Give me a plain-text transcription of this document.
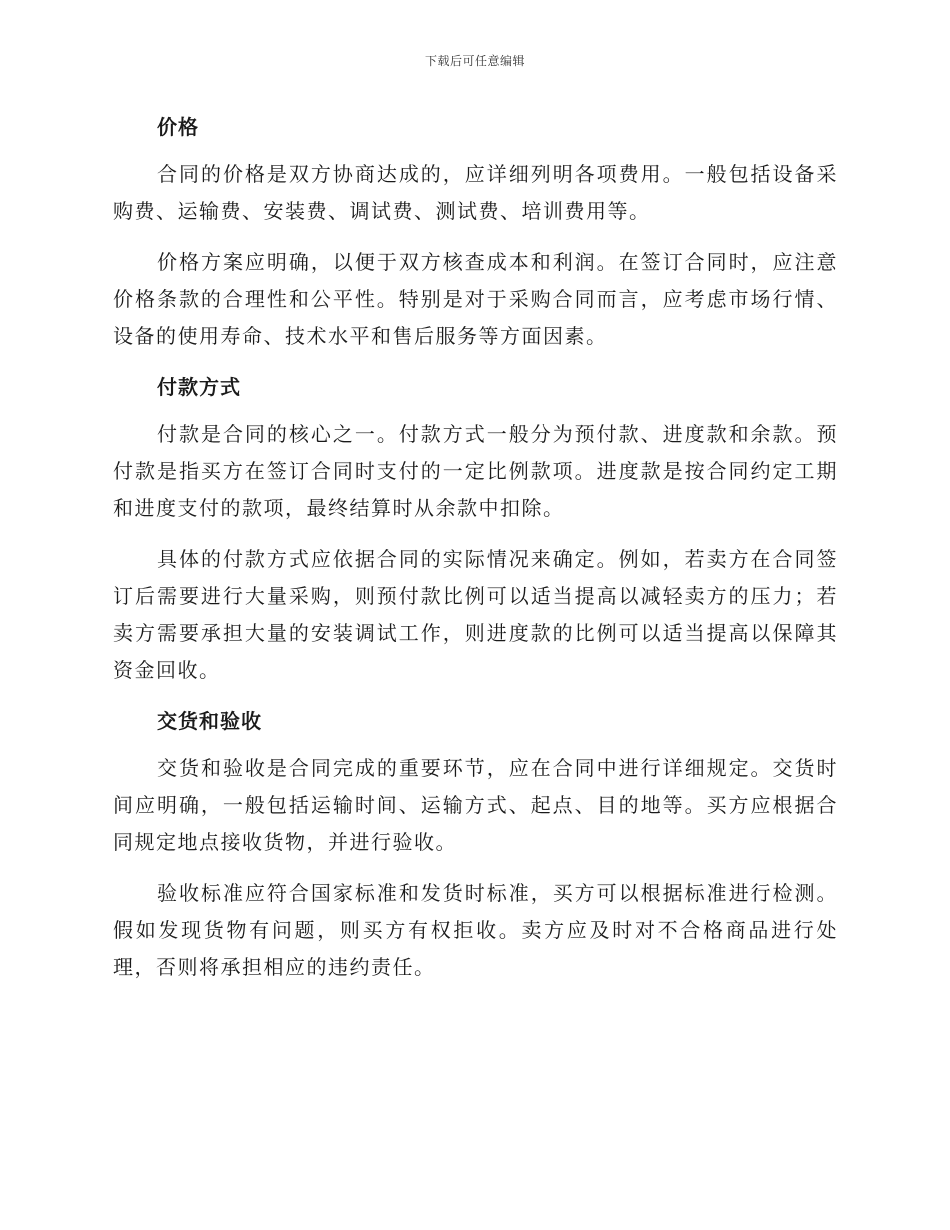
下载后可任意编辑
价格

合同的价格是双方协商达成的，应详细列明各项费用。一般包括设备采购费、运输费、安装费、调试费、测试费、培训费用等。

价格方案应明确，以便于双方核查成本和利润。在签订合同时，应注意价格条款的合理性和公平性。特别是对于采购合同而言，应考虑市场行情、设备的使用寿命、技术水平和售后服务等方面因素。

付款方式

付款是合同的核心之一。付款方式一般分为预付款、进度款和余款。预付款是指买方在签订合同时支付的一定比例款项。进度款是按合同约定工期和进度支付的款项，最终结算时从余款中扣除。

具体的付款方式应依据合同的实际情况来确定。例如，若卖方在合同签订后需要进行大量采购，则预付款比例可以适当提高以减轻卖方的压力；若卖方需要承担大量的安装调试工作，则进度款的比例可以适当提高以保障其资金回收。

交货和验收

交货和验收是合同完成的重要环节，应在合同中进行详细规定。交货时间应明确，一般包括运输时间、运输方式、起点、目的地等。买方应根据合同规定地点接收货物，并进行验收。

验收标准应符合国家标准和发货时标准，买方可以根据标准进行检测。假如发现货物有问题，则买方有权拒收。卖方应及时对不合格商品进行处理，否则将承担相应的违约责任。
